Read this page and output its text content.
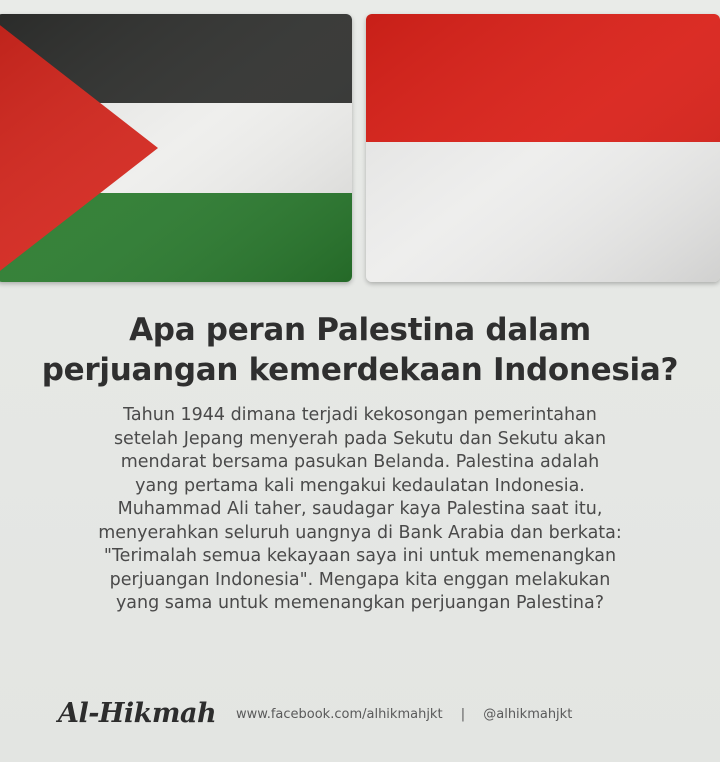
Apa peran Palestina dalam
perjuangan kemerdekaan Indonesia?
Tahun 1944 dimana terjadi kekosongan pemerintahan
setelah Jepang menyerah pada Sekutu dan Sekutu akan
mendarat bersama pasukan Belanda. Palestina adalah
yang pertama kali mengakui kedaulatan Indonesia.
Muhammad Ali taher, saudagar kaya Palestina saat itu,
menyerahkan seluruh uangnya di Bank Arabia dan berkata:
"Terimalah semua kekayaan saya ini untuk memenangkan
perjuangan Indonesia". Mengapa kita enggan melakukan
yang sama untuk memenangkan perjuangan Palestina?
Al-Hikmah www.facebook.com/alhikmahjkt | @alhikmahjkt
